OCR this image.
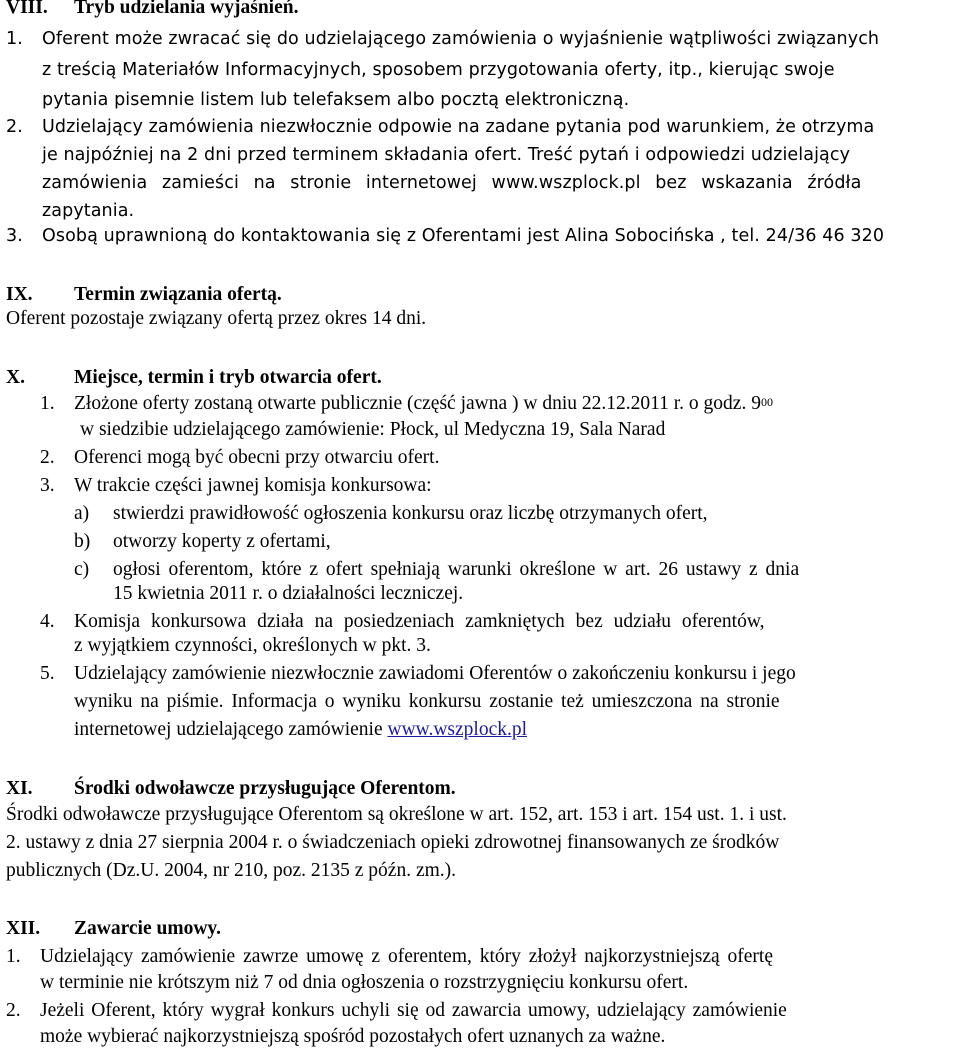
VIII. Tryb udzielania wyjaśnień.
1. Oferent może zwracać się do udzielającego zamówienia o wyjaśnienie wątpliwości związanych
z treścią Materiałów Informacyjnych, sposobem przygotowania oferty, itp., kierując swoje
pytania pisemnie listem lub telefaksem albo pocztą elektroniczną.
2. Udzielający zamówienia niezwłocznie odpowie na zadane pytania pod warunkiem, że otrzyma
je najpóźniej na 2 dni przed terminem składania ofert. Treść pytań i odpowiedzi udzielający
zamówienia zamieści na stronie internetowej www.wszplock.pl bez wskazania źródła
zapytania.
3. Osobą uprawnioną do kontaktowania się z Oferentami jest Alina Sobocińska , tel. 24/36 46 320
IX. Termin związania ofertą.
Oferent pozostaje związany ofertą przez okres 14 dni.
X.	Miejsce, termin i tryb otwarcia ofert.
1. Złożone oferty zostaną otwarte publicznie (część jawna ) w dniu 22.12.2011 r. o godz. $9^{00}$
w siedzibie udzielającego zamówienie: Płock, ul Medyczna 19, Sala Narad
2. Oferenci mogą być obecni przy otwarciu ofert.
3. W trakcie części jawnej komisja konkursowa:
a) stwierdzi prawidłowość ogłoszenia konkursu oraz liczbę otrzymanych ofert,
b) otworzy koperty z ofertami,
c) ogłosi oferentom, które z ofert spełniają warunki określone w art. 26 ustawy z dnia
15 kwietnia 2011 r. o działalności leczniczej.
4. Komisja konkursowa działa na posiedzeniach zamkniętych bez udziału oferentów,
z wyjątkiem czynności, określonych w pkt. 3.
5. Udzielający zamówienie niezwłocznie zawiadomi Oferentów o zakończeniu konkursu i jego
wyniku na piśmie. Informacja o wyniku konkursu zostanie też umieszczona na stronie
internetowej udzielającego zamówienie www.wszplock.pl
XI. Środki odwoławcze przysługujące Oferentom.
Środki odwoławcze przysługujące Oferentom są określone w art. 152, art. 153 i art. 154 ust. 1. i ust.
2. ustawy z dnia 27 sierpnia 2004 r. o świadczeniach opieki zdrowotnej finansowanych ze środków
publicznych (Dz.U. 2004, nr 210, poz. 2135 z późn. zm.).
XII. Zawarcie umowy.
1. Udzielający zamówienie zawrze umowę z oferentem, który złożył najkorzystniejszą ofertę
w terminie nie krótszym niż 7 od dnia ogłoszenia o rozstrzygnięciu konkursu ofert.
2. Jeżeli Oferent, który wygrał konkurs uchyli się od zawarcia umowy, udzielający zamówienie
może wybierać najkorzystniejszą spośród pozostałych ofert uznanych za ważne.
